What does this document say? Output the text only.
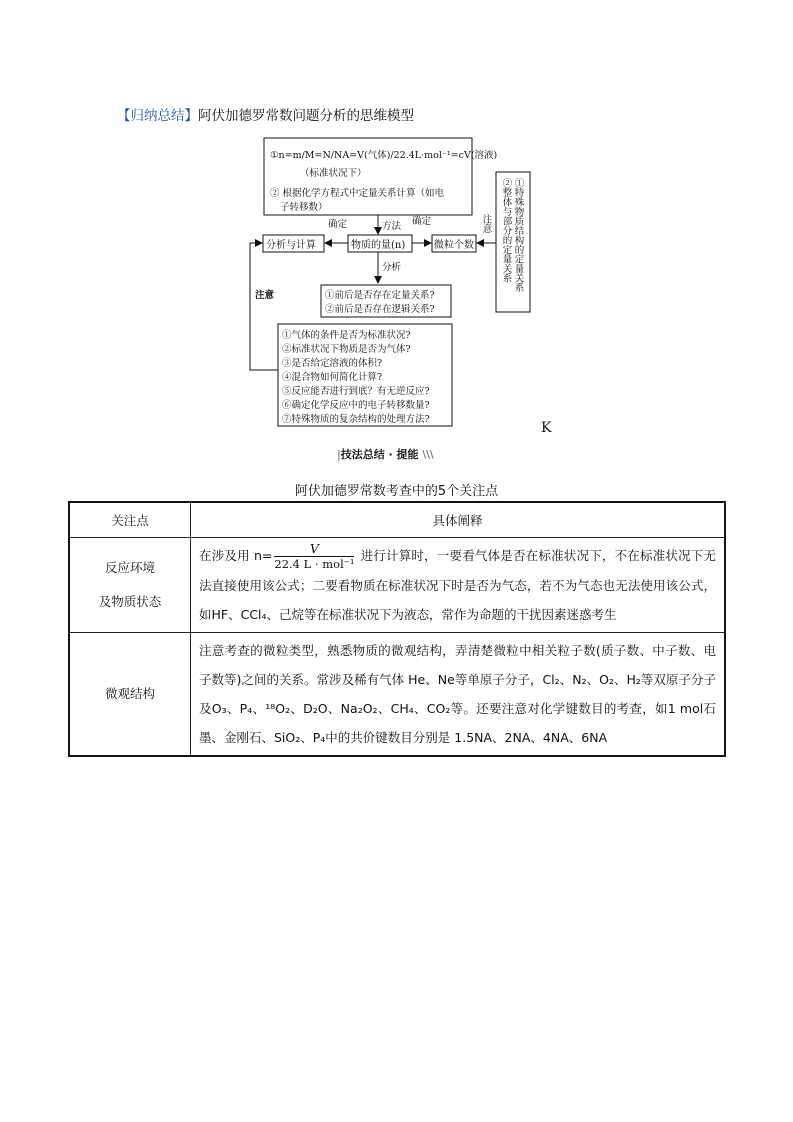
【归纳总结】阿伏加德罗常数问题分析的思维模型
①n=m/M=N/NA=V(气体)/22.4L·mol⁻¹=cV(溶液)
（标准状况下）
② 根据化学方程式中定量关系计算（如电
子转移数）
分析与计算	物质的量(n)	微粒个数
确定	方法 确定
分析
①前后是否存在定量关系?
②前后是否存在逻辑关系?
①气体的条件是否为标准状况?
②标准状况下物质是否为气体?
③是否给定溶液的体积?
④混合物如何简化计算?
⑤反应能否进行到底？有无逆反应?
⑥确定化学反应中的电子转移数量?
⑦特殊物质的复杂结构的处理方法?
注意
①特殊物质结构的定量关系
②整体与部分的定量关系
注意
K
|技法总结 · 提能 \\\
阿伏加德罗常数考查中的5个关注点
关注点	具体阐释
反应环境
及物质状态	在涉及用 $n= \frac{V}{\text{22.4 L · mol⁻¹}}$ 进行计算时，一要看气体是否在标准状况下，不在标准状况下无法直接使用该公式；二要看物质在标准状况下时是否为气态，若不为气态也无法使用该公式，如HF、CCl₄、己烷等在标准状况下为液态，常作为命题的干扰因素迷惑考生
微观结构	注意考查的微粒类型，熟悉物质的微观结构，弄清楚微粒中相关粒子数(质子数、中子数、电子数等)之间的关系。常涉及稀有气体 He、Ne等单原子分子，Cl₂、N₂、O₂、H₂等双原子分子及O₃、P₄、¹⁸O₂、D₂O、Na₂O₂、CH₄、CO₂等。还要注意对化学键数目的考查，如1 mol石墨、金刚石、SiO₂、P₄中的共价键数目分别是 1.5NA、2NA、4NA、6NA
